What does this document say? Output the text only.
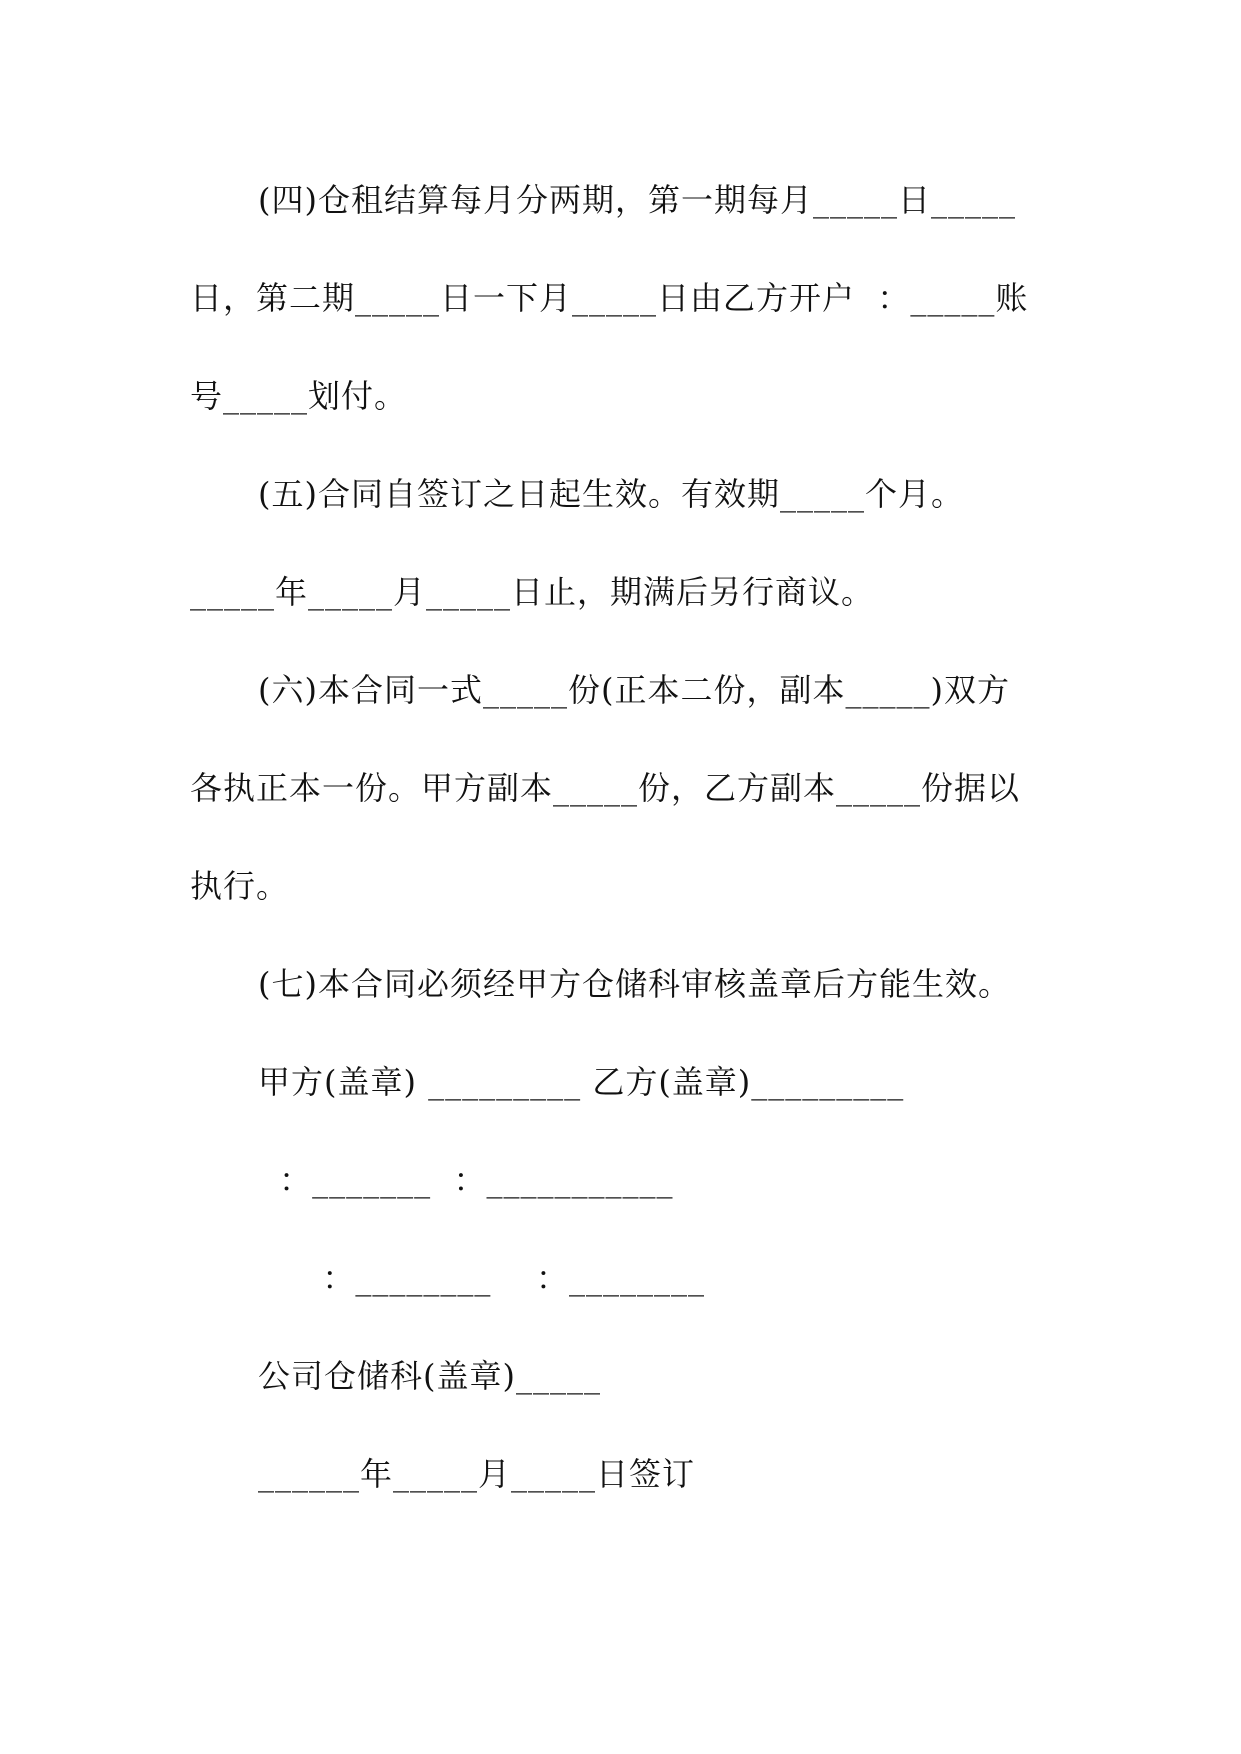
(四)仓租结算每月分两期，第一期每月_____日_____
日，第二期_____日一下月_____日由乙方开户  ：_____账
号_____划付。
(五)合同自签订之日起生效。有效期_____个月。
_____年_____月_____日止，期满后另行商议。
(六)本合同一式_____份(正本二份，副本_____)双方
各执正本一份。甲方副本_____份，乙方副本_____份据以
执行。
(七)本合同必须经甲方仓储科审核盖章后方能生效。
甲方(盖章) _________ 乙方(盖章)_________
：_______  ：___________
：________    ：________
公司仓储科(盖章)_____
______年_____月_____日签订
